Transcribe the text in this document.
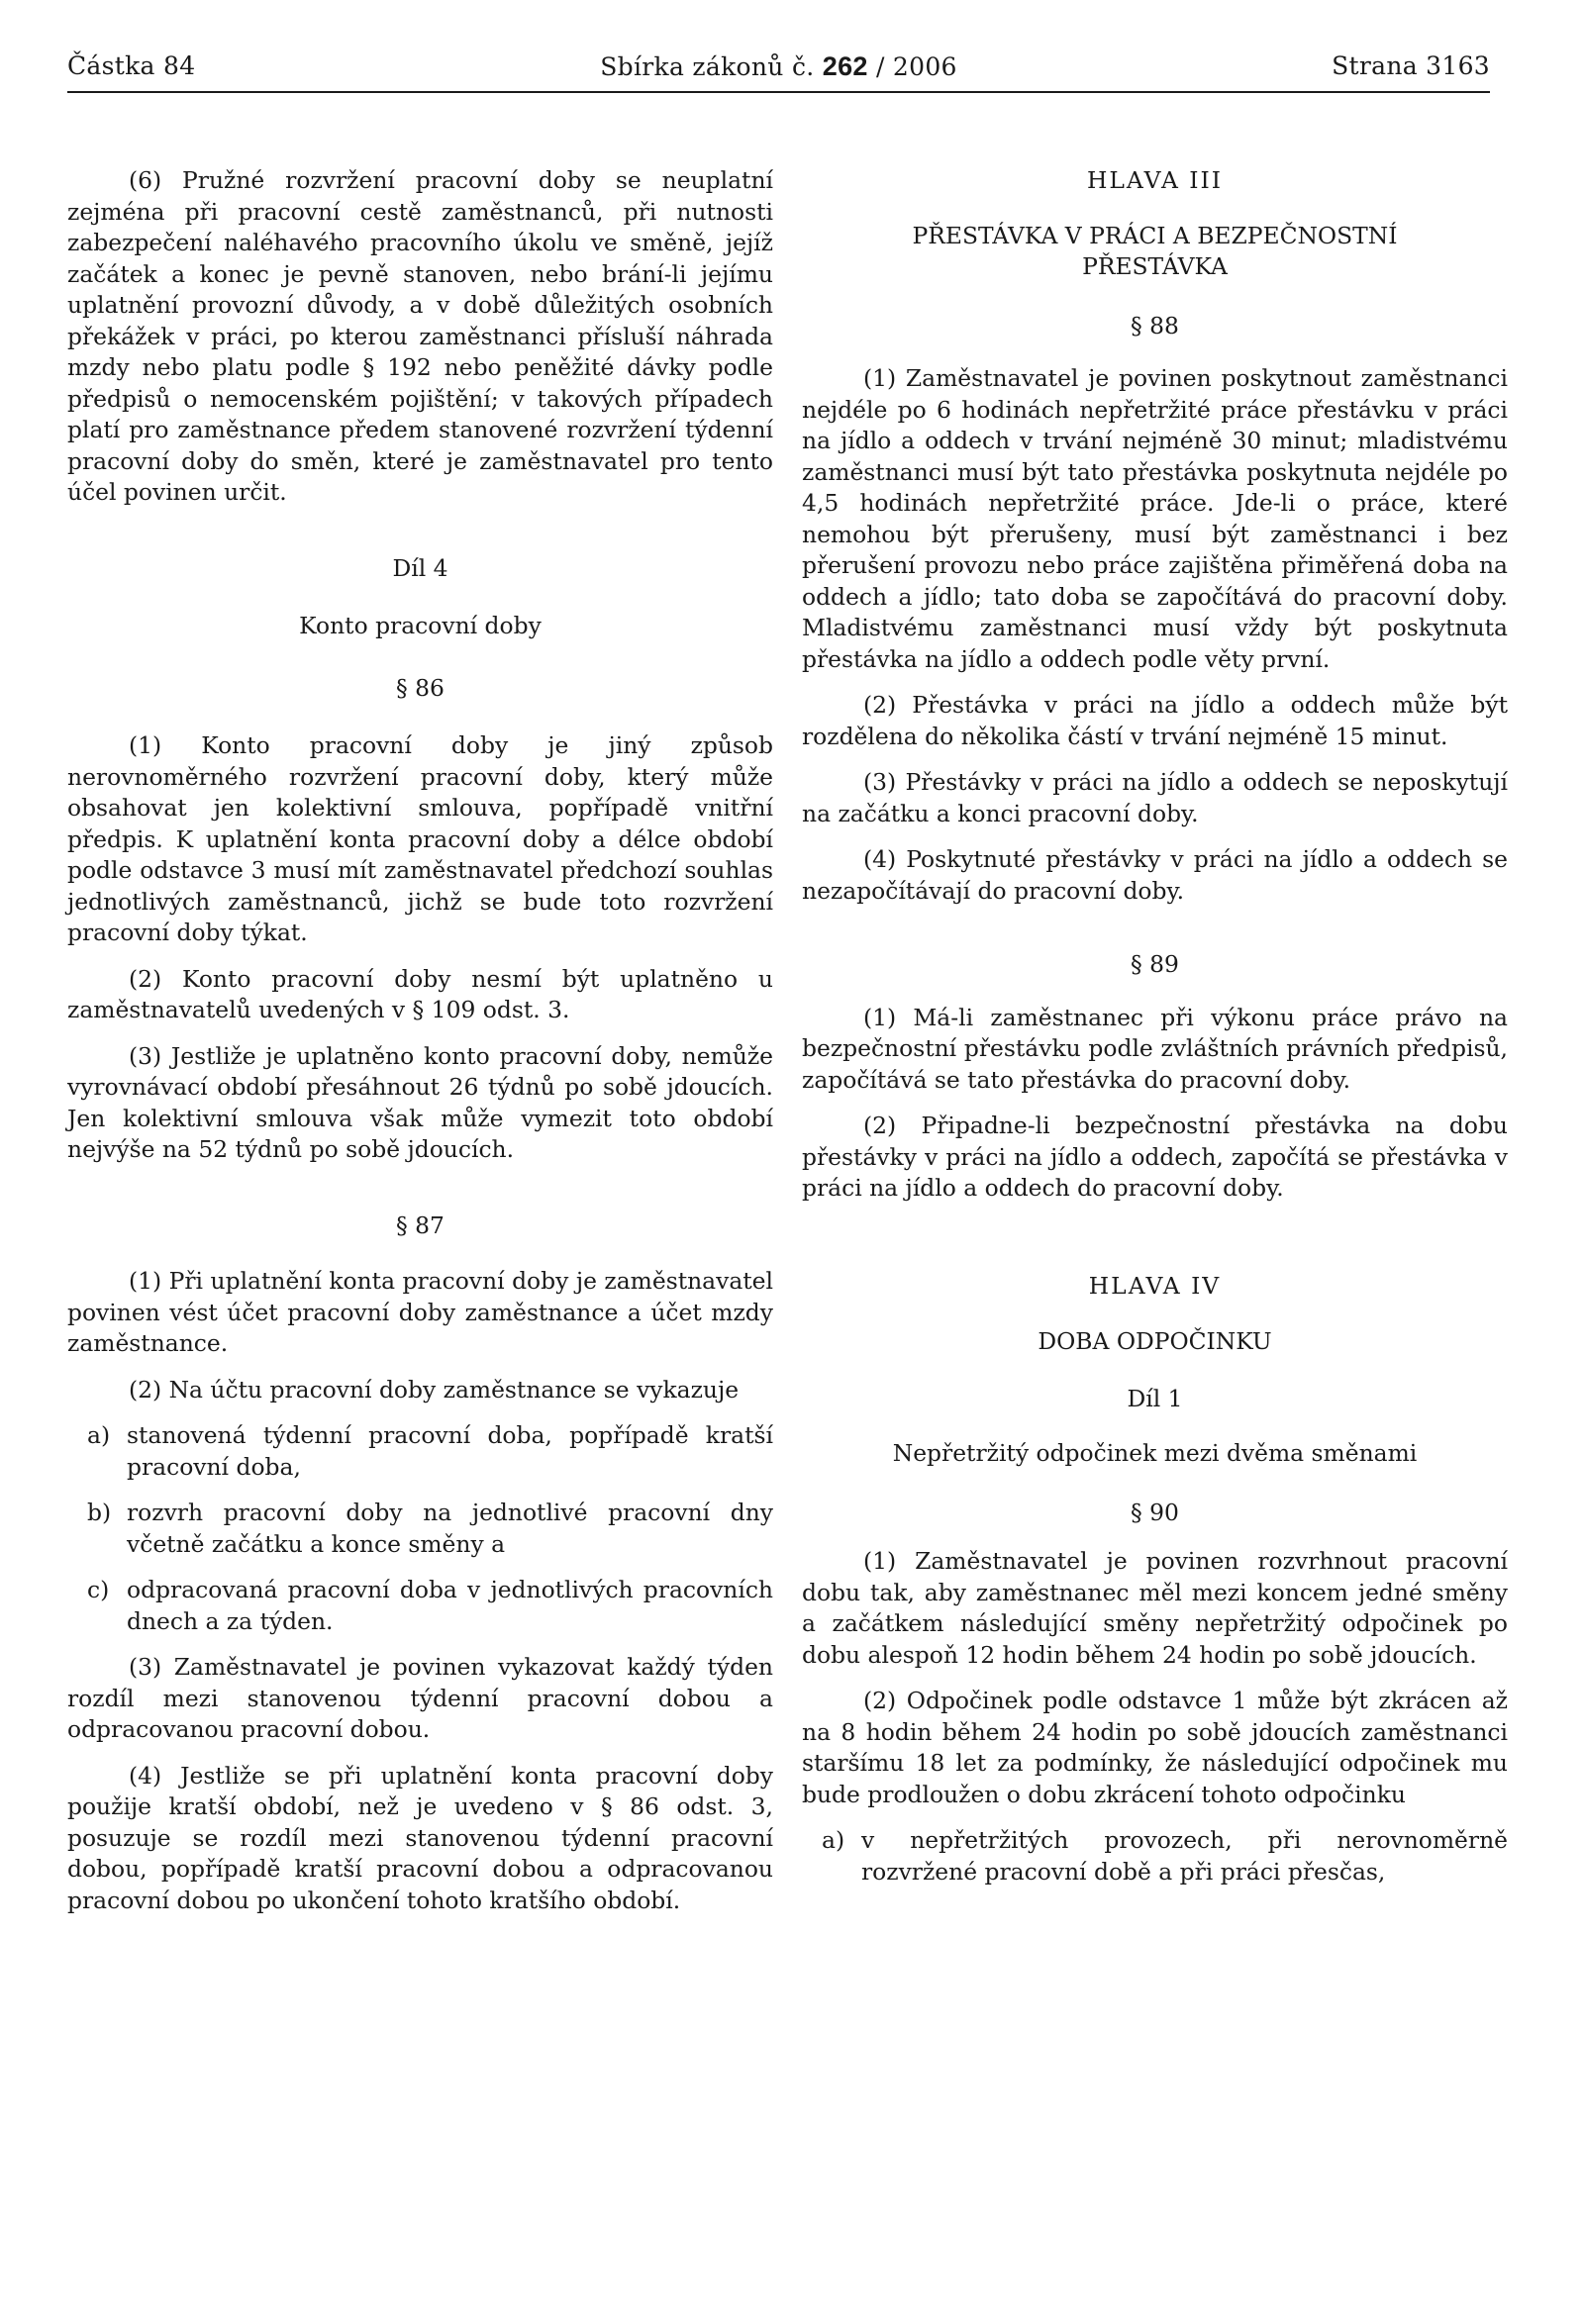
Částka 84	Sbírka zákonů č. 262 / 2006	Strana 3163

(6) Pružné rozvržení pracovní doby se neuplatní zejména při pracovní cestě zaměstnanců, při nutnosti zabezpečení naléhavého pracovního úkolu ve směně, jejíž začátek a konec je pevně stanoven, nebo brání-li jejímu uplatnění provozní důvody, a v době důležitých osobních překážek v práci, po kterou zaměstnanci přísluší náhrada mzdy nebo platu podle § 192 nebo peněžité dávky podle předpisů o nemocenském pojištění; v takových případech platí pro zaměstnance předem stanovené rozvržení týdenní pracovní doby do směn, které je zaměstnavatel pro tento účel povinen určit.

Díl 4

Konto pracovní doby

§ 86

(1) Konto pracovní doby je jiný způsob nerovnoměrného rozvržení pracovní doby, který může obsahovat jen kolektivní smlouva, popřípadě vnitřní předpis. K uplatnění konta pracovní doby a délce období podle odstavce 3 musí mít zaměstnavatel předchozí souhlas jednotlivých zaměstnanců, jichž se bude toto rozvržení pracovní doby týkat.

(2) Konto pracovní doby nesmí být uplatněno u zaměstnavatelů uvedených v § 109 odst. 3.

(3) Jestliže je uplatněno konto pracovní doby, nemůže vyrovnávací období přesáhnout 26 týdnů po sobě jdoucích. Jen kolektivní smlouva však může vymezit toto období nejvýše na 52 týdnů po sobě jdoucích.

§ 87

(1) Při uplatnění konta pracovní doby je zaměstnavatel povinen vést účet pracovní doby zaměstnance a účet mzdy zaměstnance.

(2) Na účtu pracovní doby zaměstnance se vykazuje

a) stanovená týdenní pracovní doba, popřípadě kratší pracovní doba,
b) rozvrh pracovní doby na jednotlivé pracovní dny včetně začátku a konce směny a
c) odpracovaná pracovní doba v jednotlivých pracovních dnech a za týden.

(3) Zaměstnavatel je povinen vykazovat každý týden rozdíl mezi stanovenou týdenní pracovní dobou a odpracovanou pracovní dobou.

(4) Jestliže se při uplatnění konta pracovní doby použije kratší období, než je uvedeno v § 86 odst. 3, posuzuje se rozdíl mezi stanovenou týdenní pracovní dobou, popřípadě kratší pracovní dobou a odpracovanou pracovní dobou po ukončení tohoto kratšího období.

HLAVA III

PŘESTÁVKA V PRÁCI A BEZPEČNOSTNÍ PŘESTÁVKA

§ 88

(1) Zaměstnavatel je povinen poskytnout zaměstnanci nejdéle po 6 hodinách nepřetržité práce přestávku v práci na jídlo a oddech v trvání nejméně 30 minut; mladistvému zaměstnanci musí být tato přestávka poskytnuta nejdéle po 4,5 hodinách nepřetržité práce. Jde-li o práce, které nemohou být přerušeny, musí být zaměstnanci i bez přerušení provozu nebo práce zajištěna přiměřená doba na oddech a jídlo; tato doba se započítává do pracovní doby. Mladistvému zaměstnanci musí vždy být poskytnuta přestávka na jídlo a oddech podle věty první.

(2) Přestávka v práci na jídlo a oddech může být rozdělena do několika částí v trvání nejméně 15 minut.

(3) Přestávky v práci na jídlo a oddech se neposkytují na začátku a konci pracovní doby.

(4) Poskytnuté přestávky v práci na jídlo a oddech se nezapočítávají do pracovní doby.

§ 89

(1) Má-li zaměstnanec při výkonu práce právo na bezpečnostní přestávku podle zvláštních právních předpisů, započítává se tato přestávka do pracovní doby.

(2) Připadne-li bezpečnostní přestávka na dobu přestávky v práci na jídlo a oddech, započítá se přestávka v práci na jídlo a oddech do pracovní doby.

HLAVA IV

DOBA ODPOČINKU

Díl 1

Nepřetržitý odpočinek mezi dvěma směnami

§ 90

(1) Zaměstnavatel je povinen rozvrhnout pracovní dobu tak, aby zaměstnanec měl mezi koncem jedné směny a začátkem následující směny nepřetržitý odpočinek po dobu alespoň 12 hodin během 24 hodin po sobě jdoucích.

(2) Odpočinek podle odstavce 1 může být zkrácen až na 8 hodin během 24 hodin po sobě jdoucích zaměstnanci staršímu 18 let za podmínky, že následující odpočinek mu bude prodloužen o dobu zkrácení tohoto odpočinku

a) v nepřetržitých provozech, při nerovnoměrně rozvržené pracovní době a při práci přesčas,
